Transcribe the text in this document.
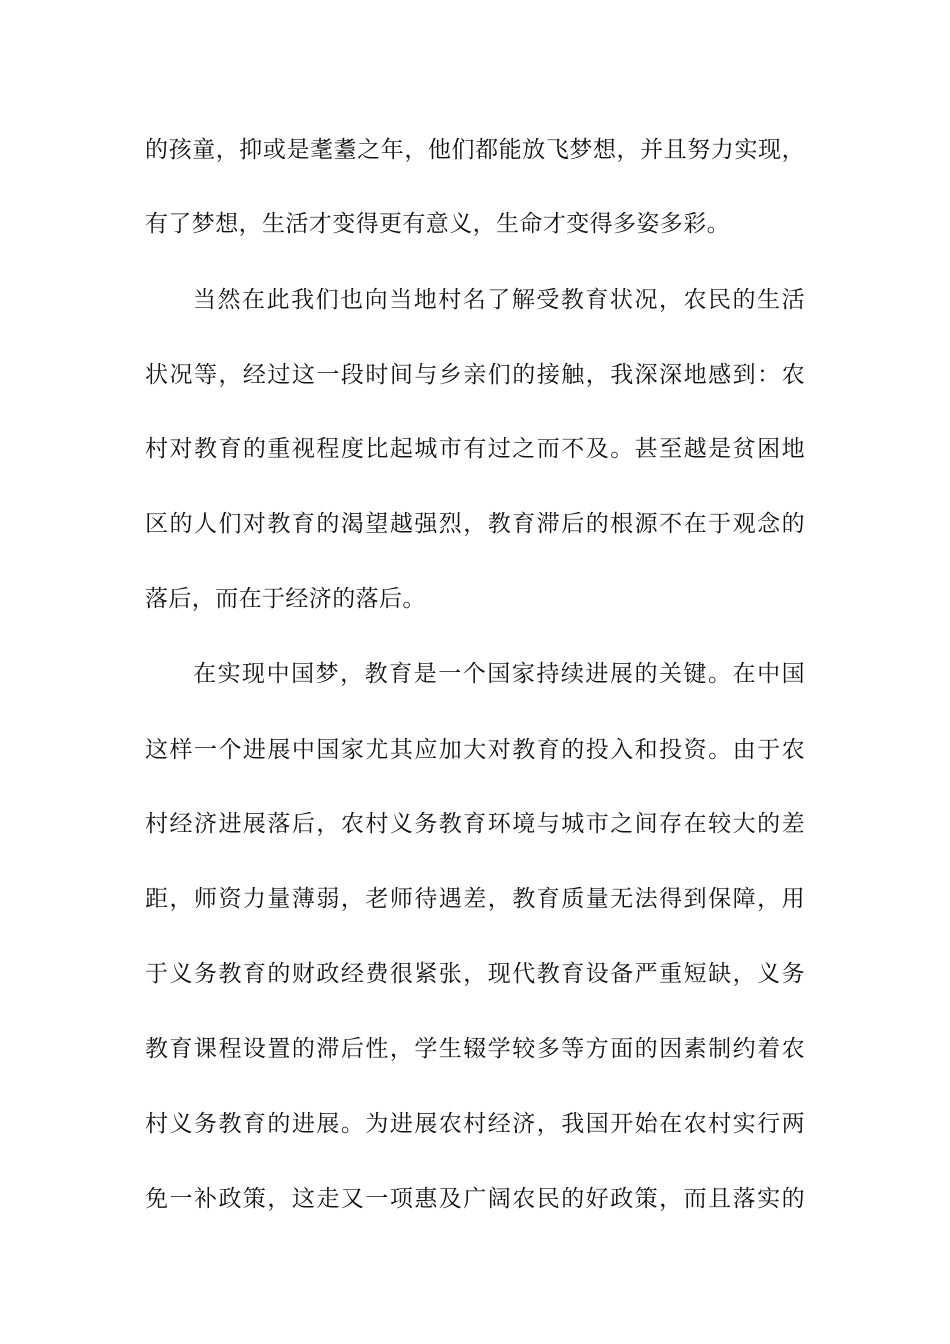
的孩童，抑或是耄耋之年，他们都能放飞梦想，并且努力实现，

有了梦想，生活才变得更有意义，生命才变得多姿多彩。

当然在此我们也向当地村名了解受教育状况，农民的生活

状况等，经过这一段时间与乡亲们的接触，我深深地感到：农

村对教育的重视程度比起城市有过之而不及。甚至越是贫困地

区的人们对教育的渴望越强烈，教育滞后的根源不在于观念的

落后，而在于经济的落后。

在实现中国梦，教育是一个国家持续进展的关键。在中国

这样一个进展中国家尤其应加大对教育的投入和投资。由于农

村经济进展落后，农村义务教育环境与城市之间存在较大的差

距，师资力量薄弱，老师待遇差，教育质量无法得到保障，用

于义务教育的财政经费很紧张，现代教育设备严重短缺，义务

教育课程设置的滞后性，学生辍学较多等方面的因素制约着农

村义务教育的进展。为进展农村经济，我国开始在农村实行两

免一补政策，这走又一项惠及广阔农民的好政策，而且落实的
